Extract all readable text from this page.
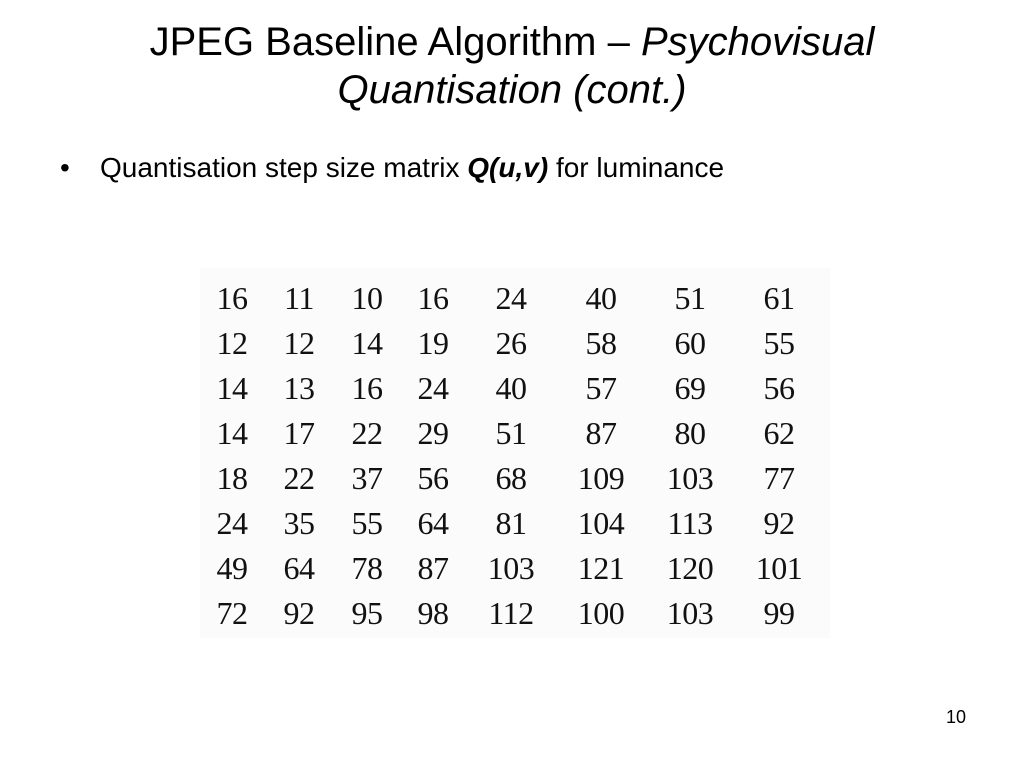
JPEG Baseline Algorithm – Psychovisual
Quantisation (cont.)
• Quantisation step size matrix Q(u,v) for luminance
16	11	10	16	24	40	51	61
12	12	14	19	26	58	60	55
14	13	16	24	40	57	69	56
14	17	22	29	51	87	80	62
18	22	37	56	68	109	103	77
24	35	55	64	81	104	113	92
49	64	78	87	103	121	120	101
72	92	95	98	112	100	103	99
10
